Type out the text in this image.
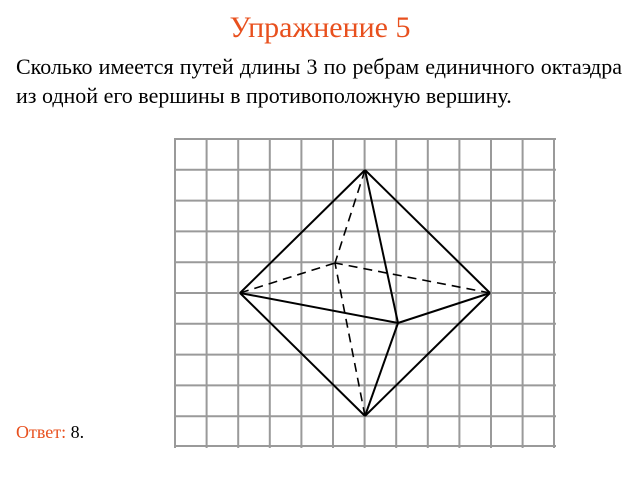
Упражнение 5
Сколько имеется путей длины 3 по ребрам единичного октаэдра из одной его вершины в противоположную вершину.
Ответ: 8.
